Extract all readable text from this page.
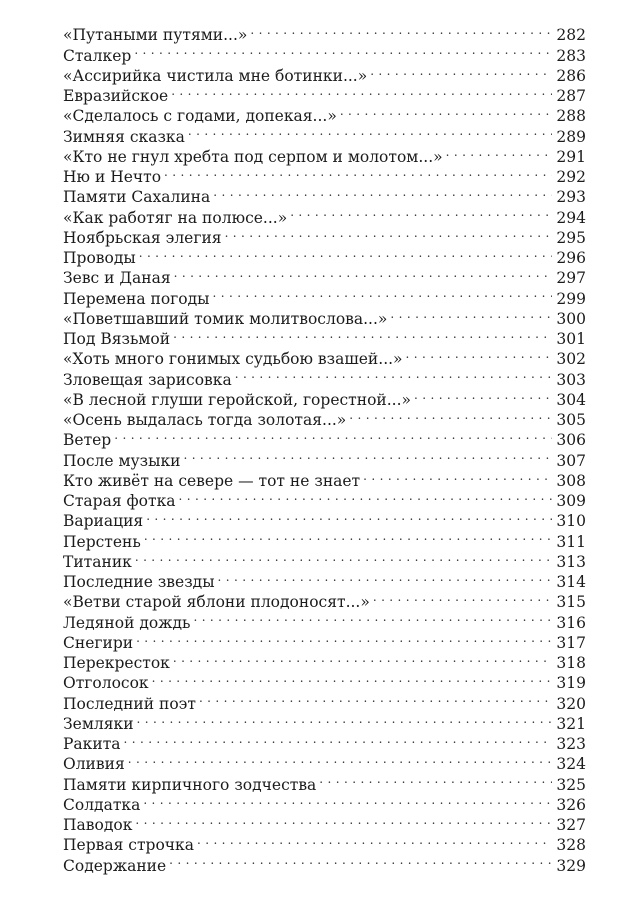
«Путаными путями...» . . .	282
Сталкер . . .	283
«Ассирийка чистила мне ботинки...» . . .	286
Евразийское . . .	287
«Сделалось с годами, допекая...» . . .	288
Зимняя сказка . . .	289
«Кто не гнул хребта под серпом и молотом...» . . .	291
Ню и Нечто . . .	292
Памяти Сахалина . . .	293
«Как работяг на полюсе...» . . .	294
Ноябрьская элегия . . .	295
Проводы . . .	296
Зевс и Даная . . .	297
Перемена погоды . . .	299
«Поветшавший томик молитвослова...» . . .	300
Под Вязьмой . . .	301
«Хоть много гонимых судьбою взашей...» . . .	302
Зловещая зарисовка . . .	303
«В лесной глуши геройской, горестной...» . . .	304
«Осень выдалась тогда золотая...» . . .	305
Ветер . . .	306
После музыки . . .	307
Кто живёт на севере — тот не знает . . .	308
Старая фотка . . .	309
Вариация . . .	310
Перстень . . .	311
Титаник . . .	313
Последние звезды . . .	314
«Ветви старой яблони плодоносят...» . . .	315
Ледяной дождь . . .	316
Снегири . . .	317
Перекресток . . .	318
Отголосок . . .	319
Последний поэт . . .	320
Земляки . . .	321
Ракита . . .	323
Оливия . . .	324
Памяти кирпичного зодчества . . .	325
Солдатка . . .	326
Паводок . . .	327
Первая строчка . . .	328
Содержание . . .	329
